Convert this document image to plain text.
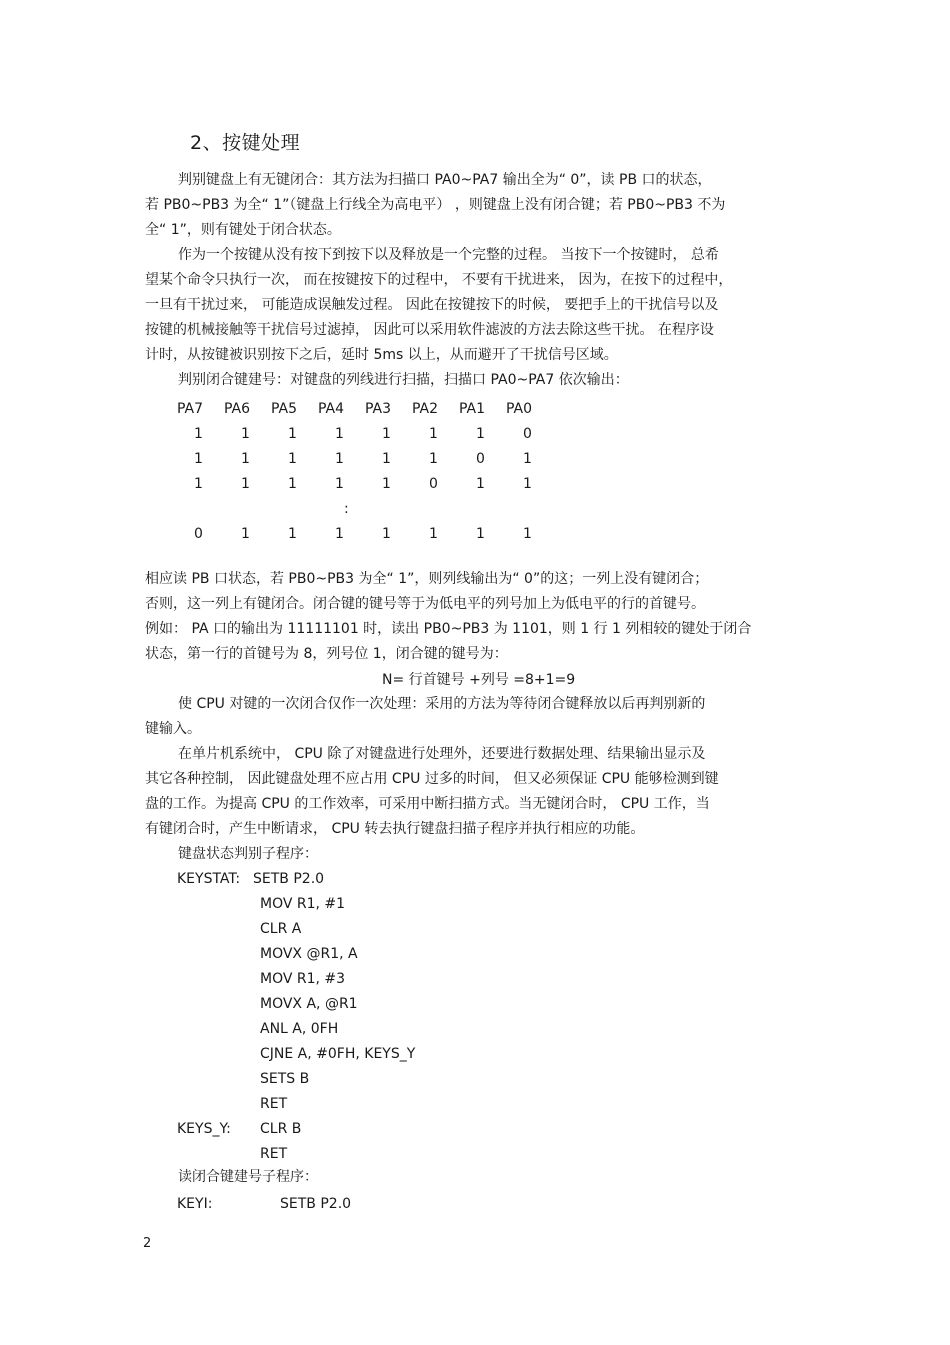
2、按键处理
判别键盘上有无键闭合：其方法为扫描口 PA0~PA7 输出全为“ 0”，读 PB 口的状态，
若 PB0~PB3 为全“ 1”（键盘上行线全为高电平） ，则键盘上没有闭合键；若 PB0~PB3 不为
全“ 1”，则有键处于闭合状态。
作为一个按键从没有按下到按下以及释放是一个完整的过程。 当按下一个按键时， 总希
望某个命令只执行一次， 而在按键按下的过程中， 不要有干扰进来， 因为，在按下的过程中，
一旦有干扰过来， 可能造成误触发过程。 因此在按键按下的时候， 要把手上的干扰信号以及
按键的机械接触等干扰信号过滤掉， 因此可以采用软件滤波的方法去除这些干扰。 在程序设
计时，从按键被识别按下之后，延时 5ms 以上，从而避开了干扰信号区域。
判别闭合键建号：对键盘的列线进行扫描，扫描口 PA0~PA7 依次输出：
PA7	PA6	PA5	PA4	PA3	PA2	PA1	PA0
1	1	1	1	1	1	1	0
1	1	1	1	1	1	0	1
1	1	1	1	1	0	1	1
:							
0	1	1	1	1	1	1	1
相应读 PB 口状态，若 PB0~PB3 为全“ 1”，则列线输出为“ 0”的这；一列上没有键闭合；
否则，这一列上有键闭合。闭合键的键号等于为低电平的列号加上为低电平的行的首键号。
例如： PA 口的输出为 11111101 时，读出 PB0~PB3 为 1101，则 1 行 1 列相较的键处于闭合
状态，第一行的首键号为 8，列号位 1，闭合键的键号为：
N= 行首键号 +列号 =8+1=9
使 CPU 对键的一次闭合仅作一次处理：采用的方法为等待闭合键释放以后再判别新的
键输入。
在单片机系统中， CPU 除了对键盘进行处理外，还要进行数据处理、结果输出显示及
其它各种控制， 因此键盘处理不应占用 CPU 过多的时间， 但又必须保证 CPU 能够检测到键
盘的工作。为提高 CPU 的工作效率，可采用中断扫描方式。当无键闭合时， CPU 工作，当
有键闭合时，产生中断请求， CPU 转去执行键盘扫描子程序并执行相应的功能。
键盘状态判别子程序：
KEYSTAT: SETB P2.0
MOV R1, #1
CLR A
MOVX @R1, A
MOV R1, #3
MOVX A, @R1
ANL A, 0FH
CJNE A, #0FH, KEYS_Y
SETS B
RET
KEYS_Y: CLR B
RET
读闭合键建号子程序：
KEYI:	SETB P2.0
2
